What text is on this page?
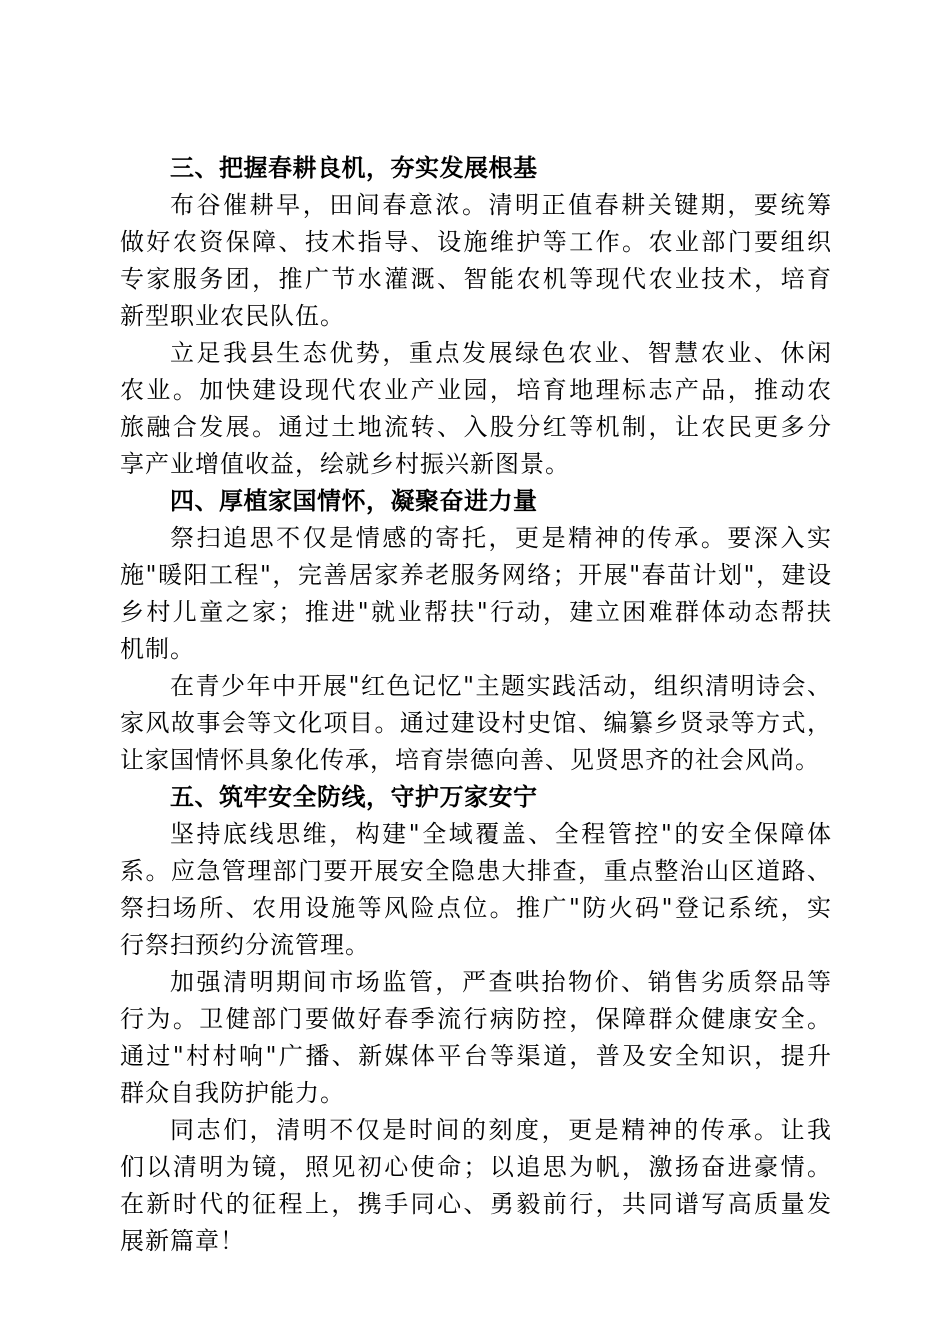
三、把握春耕良机，夯实发展根基
布谷催耕早，田间春意浓。清明正值春耕关键期，要统筹
做好农资保障、技术指导、设施维护等工作。农业部门要组织
专家服务团，推广节水灌溉、智能农机等现代农业技术，培育
新型职业农民队伍。
立足我县生态优势，重点发展绿色农业、智慧农业、休闲
农业。加快建设现代农业产业园，培育地理标志产品，推动农
旅融合发展。通过土地流转、入股分红等机制，让农民更多分
享产业增值收益，绘就乡村振兴新图景。
四、厚植家国情怀，凝聚奋进力量
祭扫追思不仅是情感的寄托，更是精神的传承。要深入实
施"暖阳工程"，完善居家养老服务网络；开展"春苗计划"，建设
乡村儿童之家；推进"就业帮扶"行动，建立困难群体动态帮扶
机制。
在青少年中开展"红色记忆"主题实践活动，组织清明诗会、
家风故事会等文化项目。通过建设村史馆、编纂乡贤录等方式，
让家国情怀具象化传承，培育崇德向善、见贤思齐的社会风尚。
五、筑牢安全防线，守护万家安宁
坚持底线思维，构建"全域覆盖、全程管控"的安全保障体
系。应急管理部门要开展安全隐患大排查，重点整治山区道路、
祭扫场所、农用设施等风险点位。推广"防火码"登记系统，实
行祭扫预约分流管理。
加强清明期间市场监管，严查哄抬物价、销售劣质祭品等
行为。卫健部门要做好春季流行病防控，保障群众健康安全。
通过"村村响"广播、新媒体平台等渠道，普及安全知识，提升
群众自我防护能力。
同志们，清明不仅是时间的刻度，更是精神的传承。让我
们以清明为镜，照见初心使命；以追思为帆，激扬奋进豪情。
在新时代的征程上，携手同心、勇毅前行，共同谱写高质量发
展新篇章！
